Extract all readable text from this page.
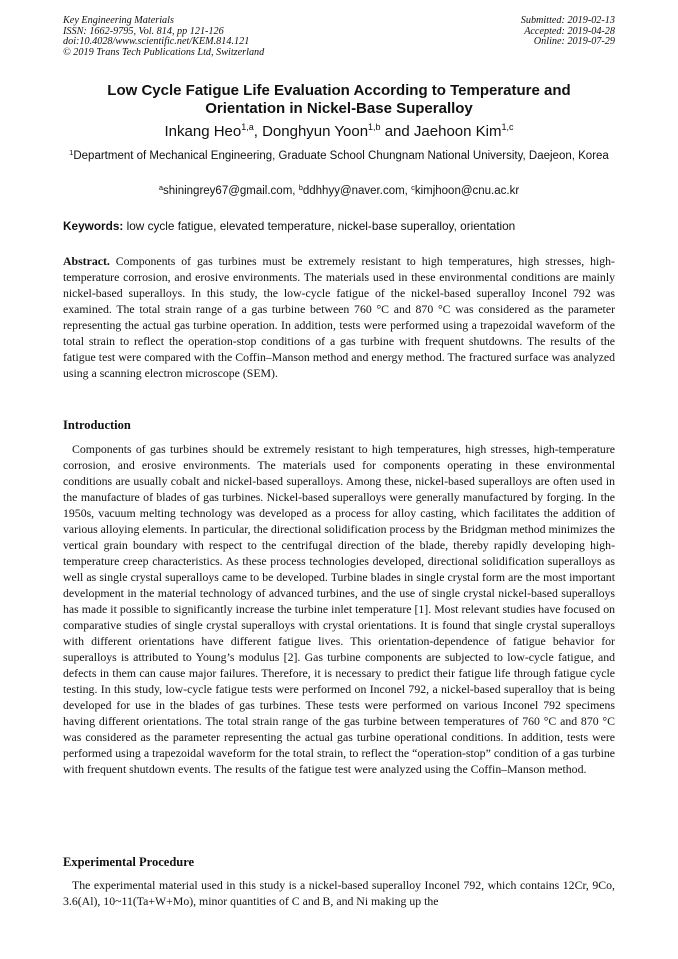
Key Engineering Materials
ISSN: 1662-9795, Vol. 814, pp 121-126
doi:10.4028/www.scientific.net/KEM.814.121
© 2019 Trans Tech Publications Ltd, Switzerland
Submitted: 2019-02-13
Accepted: 2019-04-28
Online: 2019-07-29
Low Cycle Fatigue Life Evaluation According to Temperature and
Orientation in Nickel-Base Superalloy
Inkang Heo$^{1,a}$, Donghyun Yoon$^{1,b}$ and Jaehoon Kim$^{1,c}$
$^1$Department of Mechanical Engineering, Graduate School Chungnam National University, Daejeon, Korea
$^a$shiningrey67@gmail.com, $^b$ddhhyy@naver.com, $^c$kimjhoon@cnu.ac.kr
Keywords: low cycle fatigue, elevated temperature, nickel-base superalloy, orientation
Abstract. Components of gas turbines must be extremely resistant to high temperatures, high stresses, high-temperature corrosion, and erosive environments. The materials used in these environmental conditions are mainly nickel-based superalloys. In this study, the low-cycle fatigue of the nickel-based superalloy Inconel 792 was examined. The total strain range of a gas turbine between 760 °C and 870 °C was considered as the parameter representing the actual gas turbine operation. In addition, tests were performed using a trapezoidal waveform of the total strain to reflect the operation-stop conditions of a gas turbine with frequent shutdowns. The results of the fatigue test were compared with the Coffin–Manson method and energy method. The fractured surface was analyzed using a scanning electron microscope (SEM).
Introduction
Components of gas turbines should be extremely resistant to high temperatures, high stresses, high-temperature corrosion, and erosive environments. The materials used for components operating in these environmental conditions are usually cobalt and nickel-based superalloys. Among these, nickel-based superalloys are often used in the manufacture of blades of gas turbines. Nickel-based superalloys were generally manufactured by forging. In the 1950s, vacuum melting technology was developed as a process for alloy casting, which facilitates the addition of various alloying elements. In particular, the directional solidification process by the Bridgman method minimizes the vertical grain boundary with respect to the centrifugal direction of the blade, thereby rapidly developing high-temperature creep characteristics. As these process technologies developed, directional solidification superalloys as well as single crystal superalloys came to be developed. Turbine blades in single crystal form are the most important development in the material technology of advanced turbines, and the use of single crystal nickel-based superalloys has made it possible to significantly increase the turbine inlet temperature [1]. Most relevant studies have focused on comparative studies of single crystal superalloys with crystal orientations. It is found that single crystal superalloys with different orientations have different fatigue lives. This orientation-dependence of fatigue behavior for superalloys is attributed to Young’s modulus [2]. Gas turbine components are subjected to low-cycle fatigue, and defects in them can cause major failures. Therefore, it is necessary to predict their fatigue life through fatigue cycle testing. In this study, low-cycle fatigue tests were performed on Inconel 792, a nickel-based superalloy that is being developed for use in the blades of gas turbines. These tests were performed on various Inconel 792 specimens having different orientations. The total strain range of the gas turbine between temperatures of 760 °C and 870 °C was considered as the parameter representing the actual gas turbine operational conditions. In addition, tests were performed using a trapezoidal waveform for the total strain, to reflect the “operation-stop” condition of a gas turbine with frequent shutdown events. The results of the fatigue test were analyzed using the Coffin–Manson method.
Experimental Procedure
The experimental material used in this study is a nickel-based superalloy Inconel 792, which contains 12Cr, 9Co, 3.6(Al), 10~11(Ta+W+Mo), minor quantities of C and B, and Ni making up the
